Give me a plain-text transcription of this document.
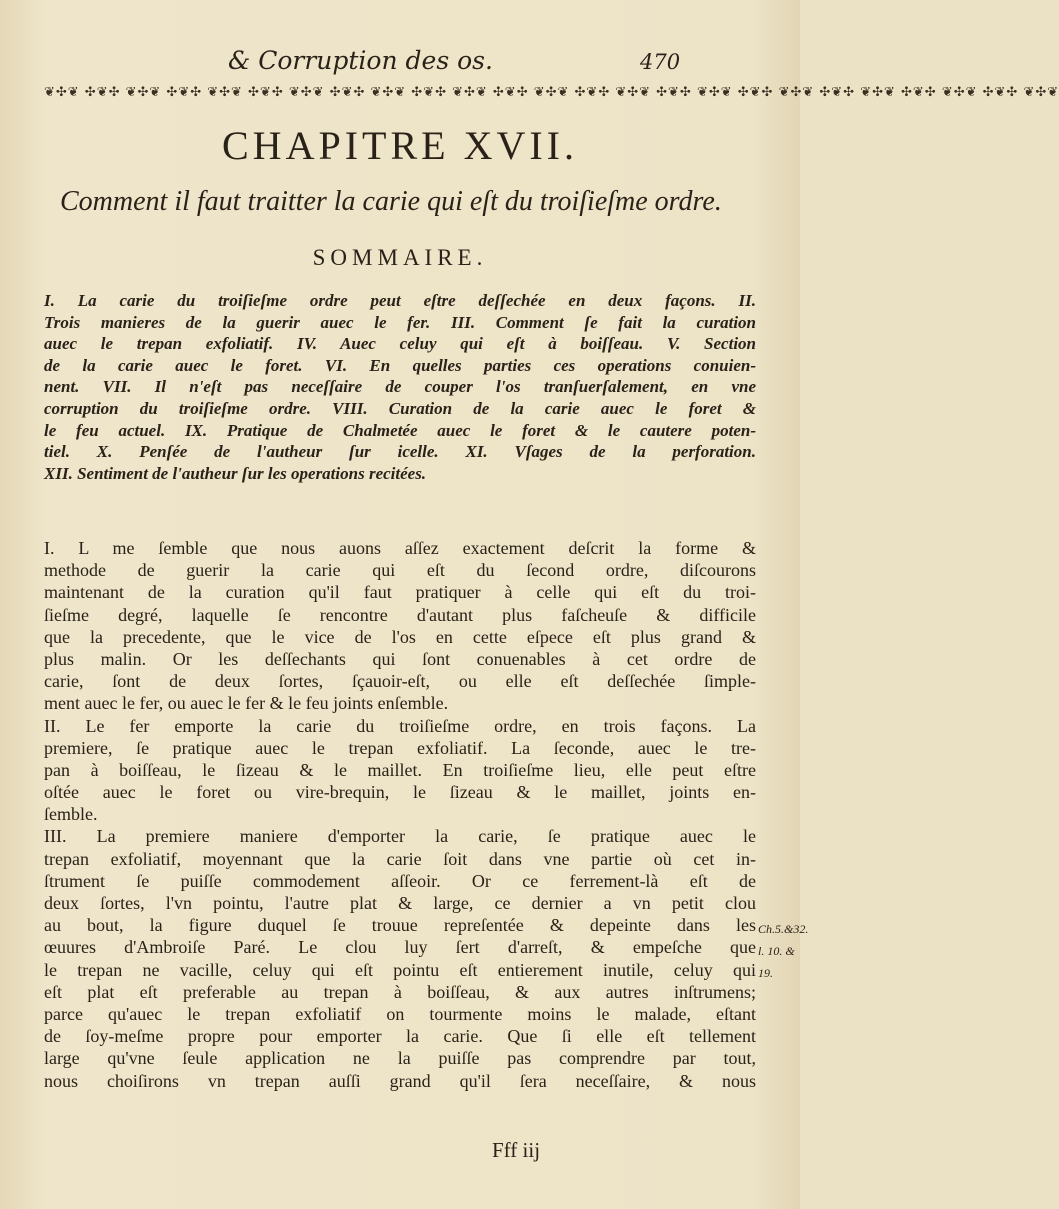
& Corruption des os.	470
❦✣❦ ✣❦✣ ❦✣❦ ✣❦✣ ❦✣❦ ✣❦✣ ❦✣❦ ✣❦✣ ❦✣❦ ✣❦✣ ❦✣❦ ✣❦✣ ❦✣❦ ✣❦✣ ❦✣❦ ✣❦✣ ❦✣❦ ✣❦✣ ❦✣❦ ✣❦✣ ❦✣❦ ✣❦✣ ❦✣❦ ✣❦✣ ❦✣❦
CHAPITRE XVII.
Comment il faut traitter la carie qui eſt du troiſieſme ordre.
SOMMAIRE.
I. La carie du troiſieſme ordre peut eſtre deſſechée en deux façons. II.
Trois manieres de la guerir auec le fer. III. Comment ſe fait la curation
auec le trepan exfoliatif. IV. Auec celuy qui eſt à boiſſeau. V. Section
de la carie auec le foret. VI. En quelles parties ces operations conuien-
nent. VII. Il n'eſt pas neceſſaire de couper l'os tranſuerſalement, en vne
corruption du troiſieſme ordre. VIII. Curation de la carie auec le foret &
le feu actuel. IX. Pratique de Chalmetée auec le foret & le cautere poten-
tiel. X. Penſée de l'autheur ſur icelle. XI. Vſages de la perforation.
XII. Sentiment de l'autheur ſur les operations recitées.
I. L me ſemble que nous auons aſſez exactement deſcrit la forme &
methode de guerir la carie qui eſt du ſecond ordre, diſcourons
maintenant de la curation qu'il faut pratiquer à celle qui eſt du troi-
ſieſme degré, laquelle ſe rencontre d'autant plus faſcheuſe & difficile
que la precedente, que le vice de l'os en cette eſpece eſt plus grand &
plus malin. Or les deſſechants qui ſont conuenables à cet ordre de
carie, ſont de deux ſortes, ſçauoir-eſt, ou elle eſt deſſechée ſimple-
ment auec le fer, ou auec le fer & le feu joints enſemble.
II. Le fer emporte la carie du troiſieſme ordre, en trois façons. La
premiere, ſe pratique auec le trepan exfoliatif. La ſeconde, auec le tre-
pan à boiſſeau, le ſizeau & le maillet. En troiſieſme lieu, elle peut eſtre
oſtée auec le foret ou vire-brequin, le ſizeau & le maillet, joints en-
ſemble.
III. La premiere maniere d'emporter la carie, ſe pratique auec le
trepan exfoliatif, moyennant que la carie ſoit dans vne partie où cet in-
ſtrument ſe puiſſe commodement aſſeoir. Or ce ferrement-là eſt de
deux ſortes, l'vn pointu, l'autre plat & large, ce dernier a vn petit clou
au bout, la figure duquel ſe trouue repreſentée & depeinte dans les
œuures d'Ambroiſe Paré. Le clou luy ſert d'arreſt, & empeſche que
le trepan ne vacille, celuy qui eſt pointu eſt entierement inutile, celuy qui
eſt plat eſt preferable au trepan à boiſſeau, & aux autres inſtrumens;
parce qu'auec le trepan exfoliatif on tourmente moins le malade, eſtant
de ſoy-meſme propre pour emporter la carie. Que ſi elle eſt tellement
large qu'vne ſeule application ne la puiſſe pas comprendre par tout,
nous choiſirons vn trepan auſſi grand qu'il ſera neceſſaire, & nous
Ch.5.&32.
l. 10. & 19.
Fff iij
